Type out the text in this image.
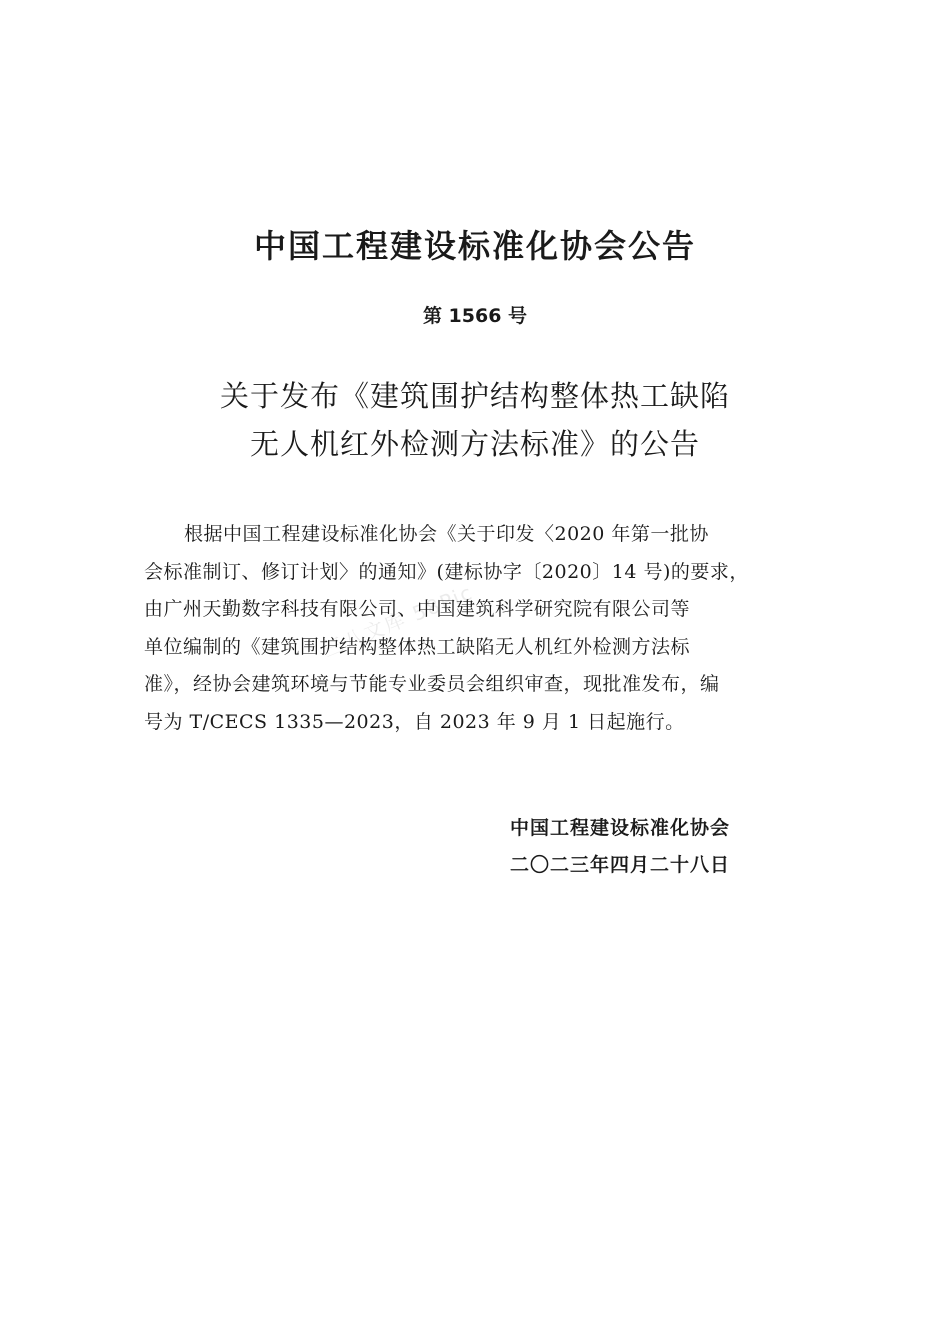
中国工程建设标准化协会公告
第 1566 号
关于发布《建筑围护结构整体热工缺陷
无人机红外检测方法标准》的公告
根据中国工程建设标准化协会《关于印发〈2020 年第一批协
会标准制订、修订计划〉的通知》(建标协字〔2020〕14 号)的要求，
由广州天勤数字科技有限公司、中国建筑科学研究院有限公司等
单位编制的《建筑围护结构整体热工缺陷无人机红外检测方法标
准》，经协会建筑环境与节能专业委员会组织审查，现批准发布，编
号为 T/CECS 1335—2023，自 2023 年 9 月 1 日起施行。
三八文库 58Pic
中国工程建设标准化协会
二〇二三年四月二十八日
